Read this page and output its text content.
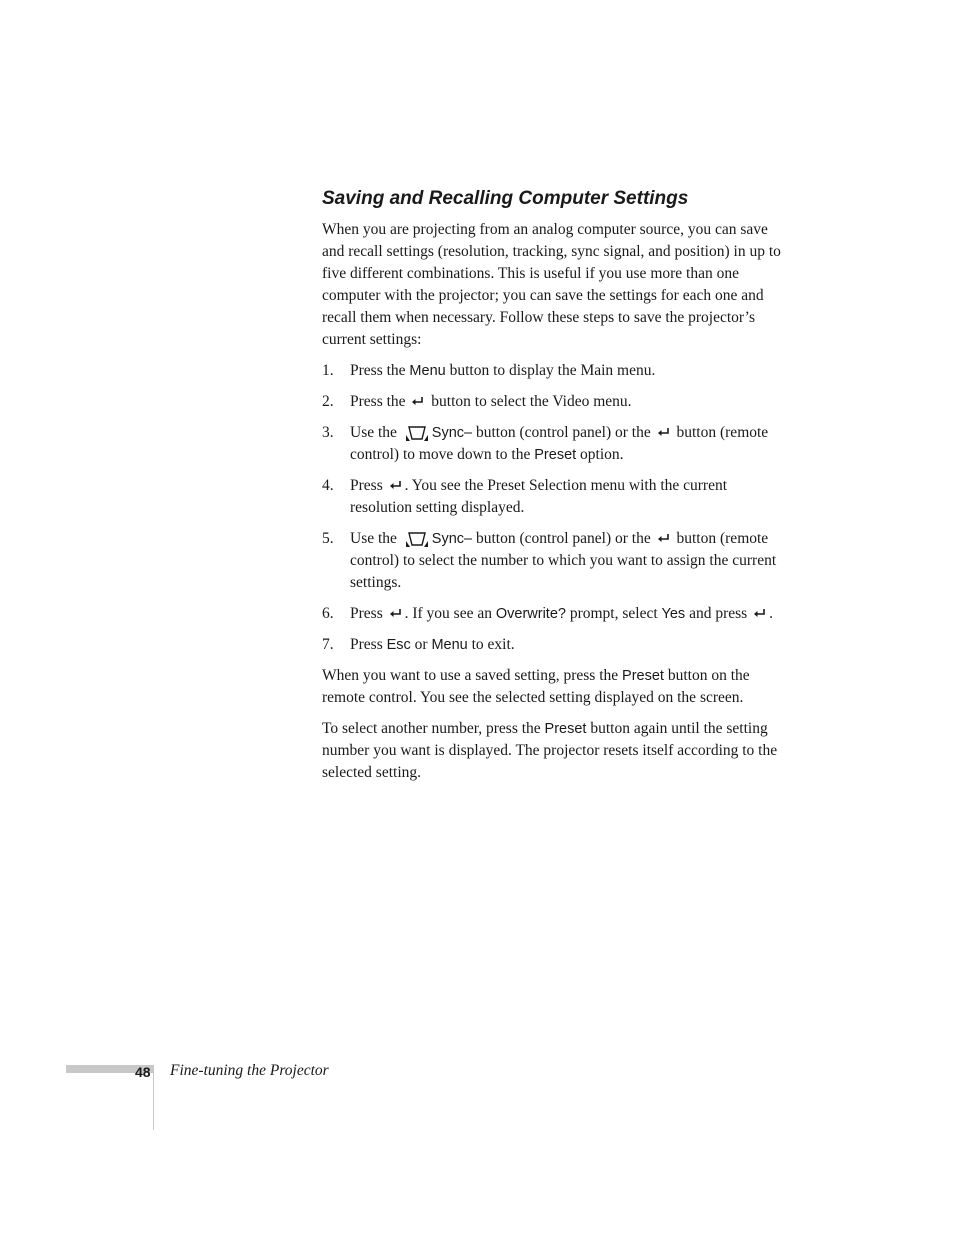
Saving and Recalling Computer Settings

When you are projecting from an analog computer source, you can save and recall settings (resolution, tracking, sync signal, and position) in up to five different combinations. This is useful if you use more than one computer with the projector; you can save the settings for each one and recall them when necessary. Follow these steps to save the projector’s current settings:

1. Press the Menu button to display the Main menu.
2. Press the  button to select the Video menu.
3. Use the Sync– button (control panel) or the  button (remote control) to move down to the Preset option.
4. Press . You see the Preset Selection menu with the current resolution setting displayed.
5. Use the Sync– button (control panel) or the  button (remote control) to select the number to which you want to assign the current settings.
6. Press . If you see an Overwrite? prompt, select Yes and press .
7. Press Esc or Menu to exit.

When you want to use a saved setting, press the Preset button on the remote control. You see the selected setting displayed on the screen.

To select another number, press the Preset button again until the setting number you want is displayed. The projector resets itself according to the selected setting.

48 Fine-tuning the Projector
